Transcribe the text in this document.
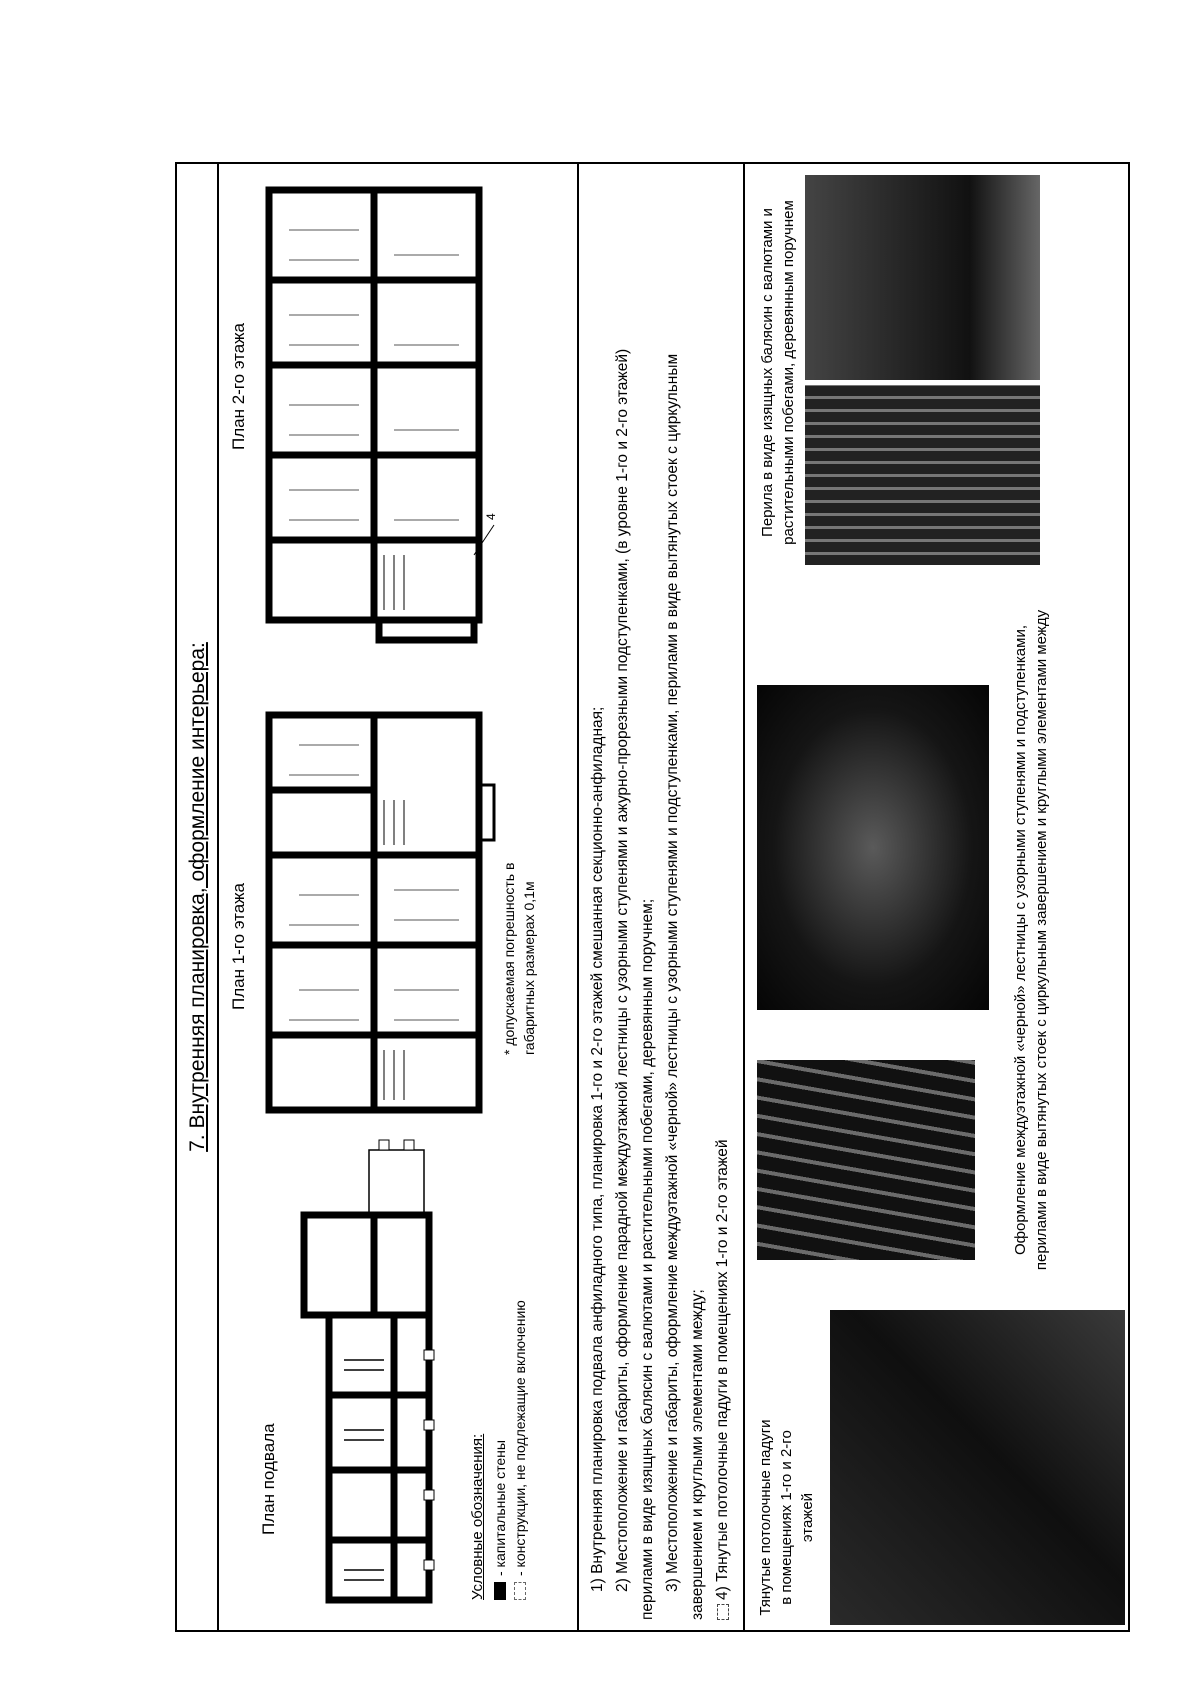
7. Внутренняя планировка, оформление интерьера:
План подвала
План 1-го этажа
План 2-го этажа
4
Условные обозначения: - капитальные стены - конструкции, не подлежащие включению
* допускаемая погрешность в габаритных размерах 0,1м	1) Внутренняя планировка подвала анфиладного типа, планировка 1-го и 2-го этажей смешанная секционно-анфиладная; 2) Местоположение и габариты, оформление парадной междуэтажной лестницы с узорными ступенями и ажурно-прорезными подступенками, (в уровне 1-го и 2-го этажей) перилами в виде изящных балясин с валютами и растительными побегами, деревянным поручнем; 3) Местоположение и габариты, оформление междуэтажной «черной» лестницы с узорными ступенями и подступенками, перилами в виде вытянутых стоек с циркульным завершением и круглыми элементами между; 4) Тянутые потолочные падуги в помещениях 1-го и 2-го этажей Тянутые потолочные падуги в помещениях 1-го и 2-го этажей
Оформление междуэтажной «черной» лестницы с узорными ступенями и подступенками, перилами в виде вытянутых стоек с циркульным завершением и круглыми элементами между
Перила в виде изящных балясин с валютами и растительными побегами, деревянным поручнем
